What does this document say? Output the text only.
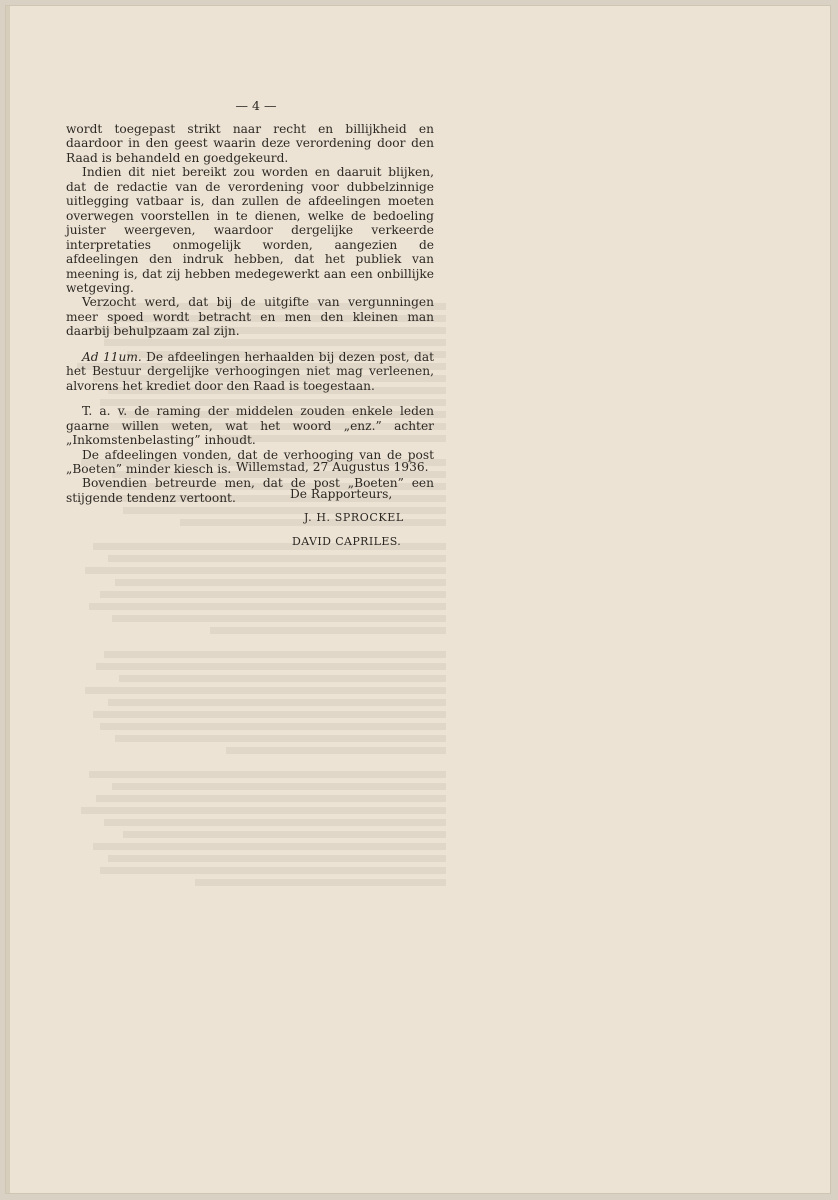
— 4 —

wordt toegepast strikt naar recht en billijkheid en daardoor in den geest waarin deze verordening door den Raad is behandeld en goedgekeurd.

Indien dit niet bereikt zou worden en daaruit blijken, dat de redactie van de verordening voor dubbelzinnige uitlegging vatbaar is, dan zullen de afdeelingen moeten overwegen voorstellen in te dienen, welke de bedoeling juister weergeven, waardoor dergelijke verkeerde interpretaties onmogelijk worden, aangezien de afdeelingen den indruk hebben, dat het publiek van meening is, dat zij hebben medegewerkt aan een onbillijke wetgeving.

Verzocht werd, dat bij de uitgifte van vergunningen meer spoed wordt betracht en men den kleinen man daarbij behulpzaam zal zijn.

Ad 11um. De afdeelingen herhaalden bij dezen post, dat het Bestuur dergelijke verhoogingen niet mag verleenen, alvorens het krediet door den Raad is toegestaan.

T. a. v. de raming der middelen zouden enkele leden gaarne willen weten, wat het woord „enz.” achter „Inkomstenbelasting” inhoudt.

De afdeelingen vonden, dat de verhooging van de post „Boeten” minder kiesch is.

Bovendien betreurde men, dat de post „Boeten” een stijgende tendenz vertoont.

Willemstad, 27 Augustus 1936.

De Rapporteurs,

J. H. SPROCKEL

DAVID CAPRILES.
